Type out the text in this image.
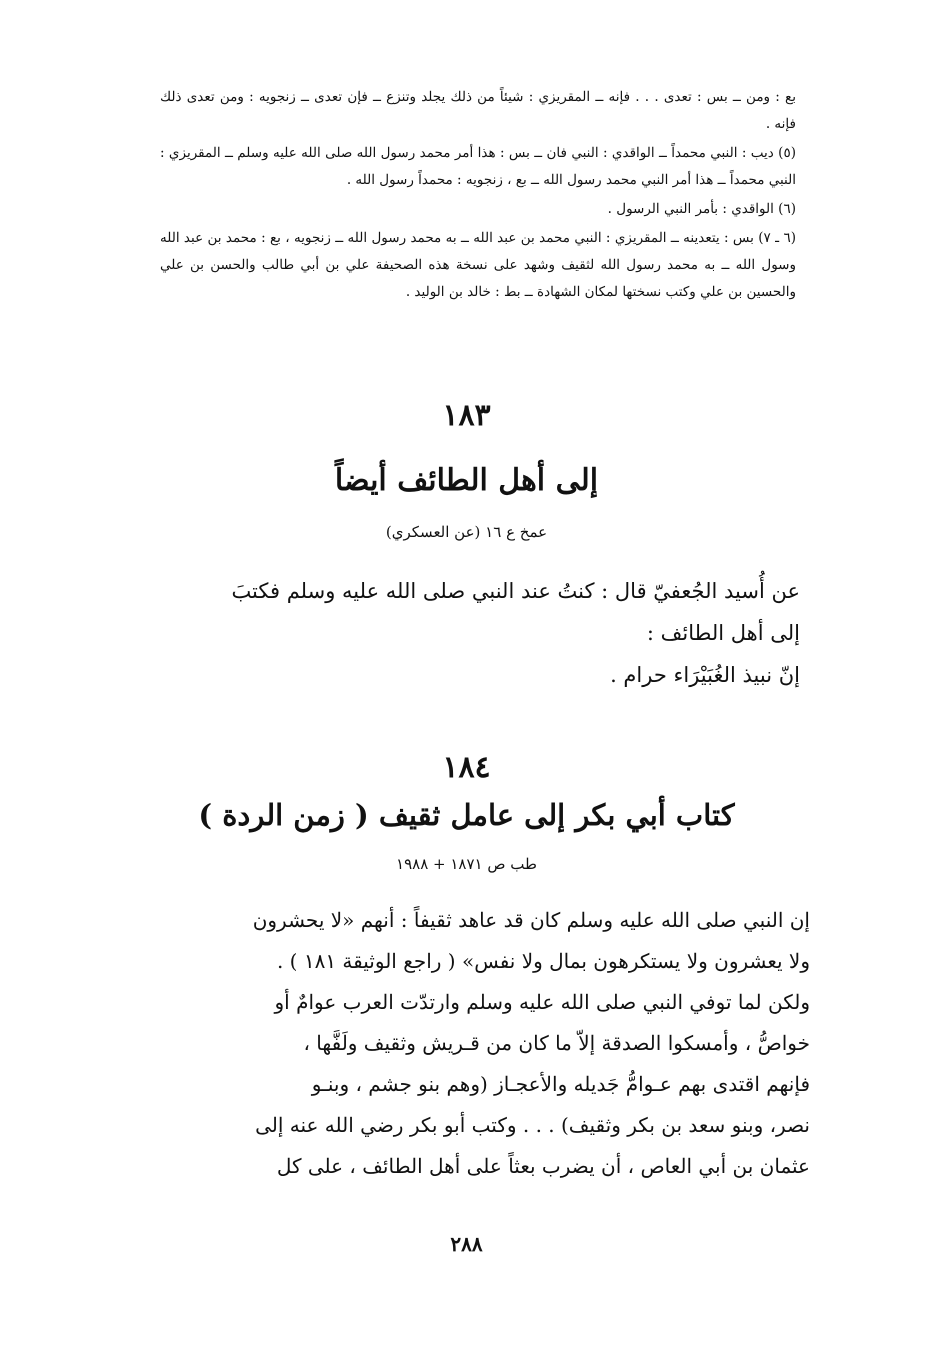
بع : ومن ــ بس : تعدى . . . فإنه ــ المقريزي : شيئاً من ذلك يجلد وتنزع ــ فإن تعدى ــ زنجويه : ومن تعدى ذلك فإنه .

(٥) ديب : النبي محمداً ــ الواقدي : النبي فان ــ بس : هذا أمر محمد رسول الله صلى الله عليه وسلم ــ المقريزي : النبي محمداً ــ هذا أمر النبي محمد رسول الله ــ بع ، زنجويه : محمداً رسول الله .

(٦) الواقدي : بأمر النبي الرسول .

(٦ ـ ٧) بس : يتعدينه ــ المقريزي : النبي محمد بن عبد الله ــ به محمد رسول الله ــ زنجويه ، بع : محمد بن عبد الله وسول الله ــ به محمد رسول الله لثقيف وشهد على نسخة هذه الصحيفة علي بن أبي طالب والحسن بن علي والحسين بن علي وكتب نسختها لمكان الشهادة ــ بط : خالد بن الوليد .

١٨٣
إلى أهل الطائف أيضاً
عمخ ع ١٦ (عن العسكري)

عن أُسيد الجُعفيّ قال : كنتُ عند النبي صلى الله عليه وسلم فكتبَ

إلى أهل الطائف :

إنّ نبيذ الغُبَيْرَاء حرام .

١٨٤
كتاب أبي بكر إلى عامل ثقيف ( زمن الردة )
طب ص ١٨٧١ + ١٩٨٨

إن النبي صلى الله عليه وسلم كان قد عاهد ثقيفاً : أنهم «لا يحشرون

ولا يعشرون ولا يستكرهون بمال ولا نفس» ( راجع الوثيقة ١٨١ ) .

ولكن لما توفي النبي صلى الله عليه وسلم وارتدّت العرب عوامٌ أو

خواصُّ ، وأمسكوا الصدقة إلاّ ما كان من قـريش وثقيف ولَفَّها ،

فإنهم اقتدى بهم عـوامُّ جَديله والأعجـاز (وهم بنو جشم ، وبنـو

نصر، وبنو سعد بن بكر وثقيف) . . . وكتب أبو بكر رضي الله عنه إلى

عثمان بن أبي العاص ، أن يضرب بعثاً على أهل الطائف ، على كل

٢٨٨
